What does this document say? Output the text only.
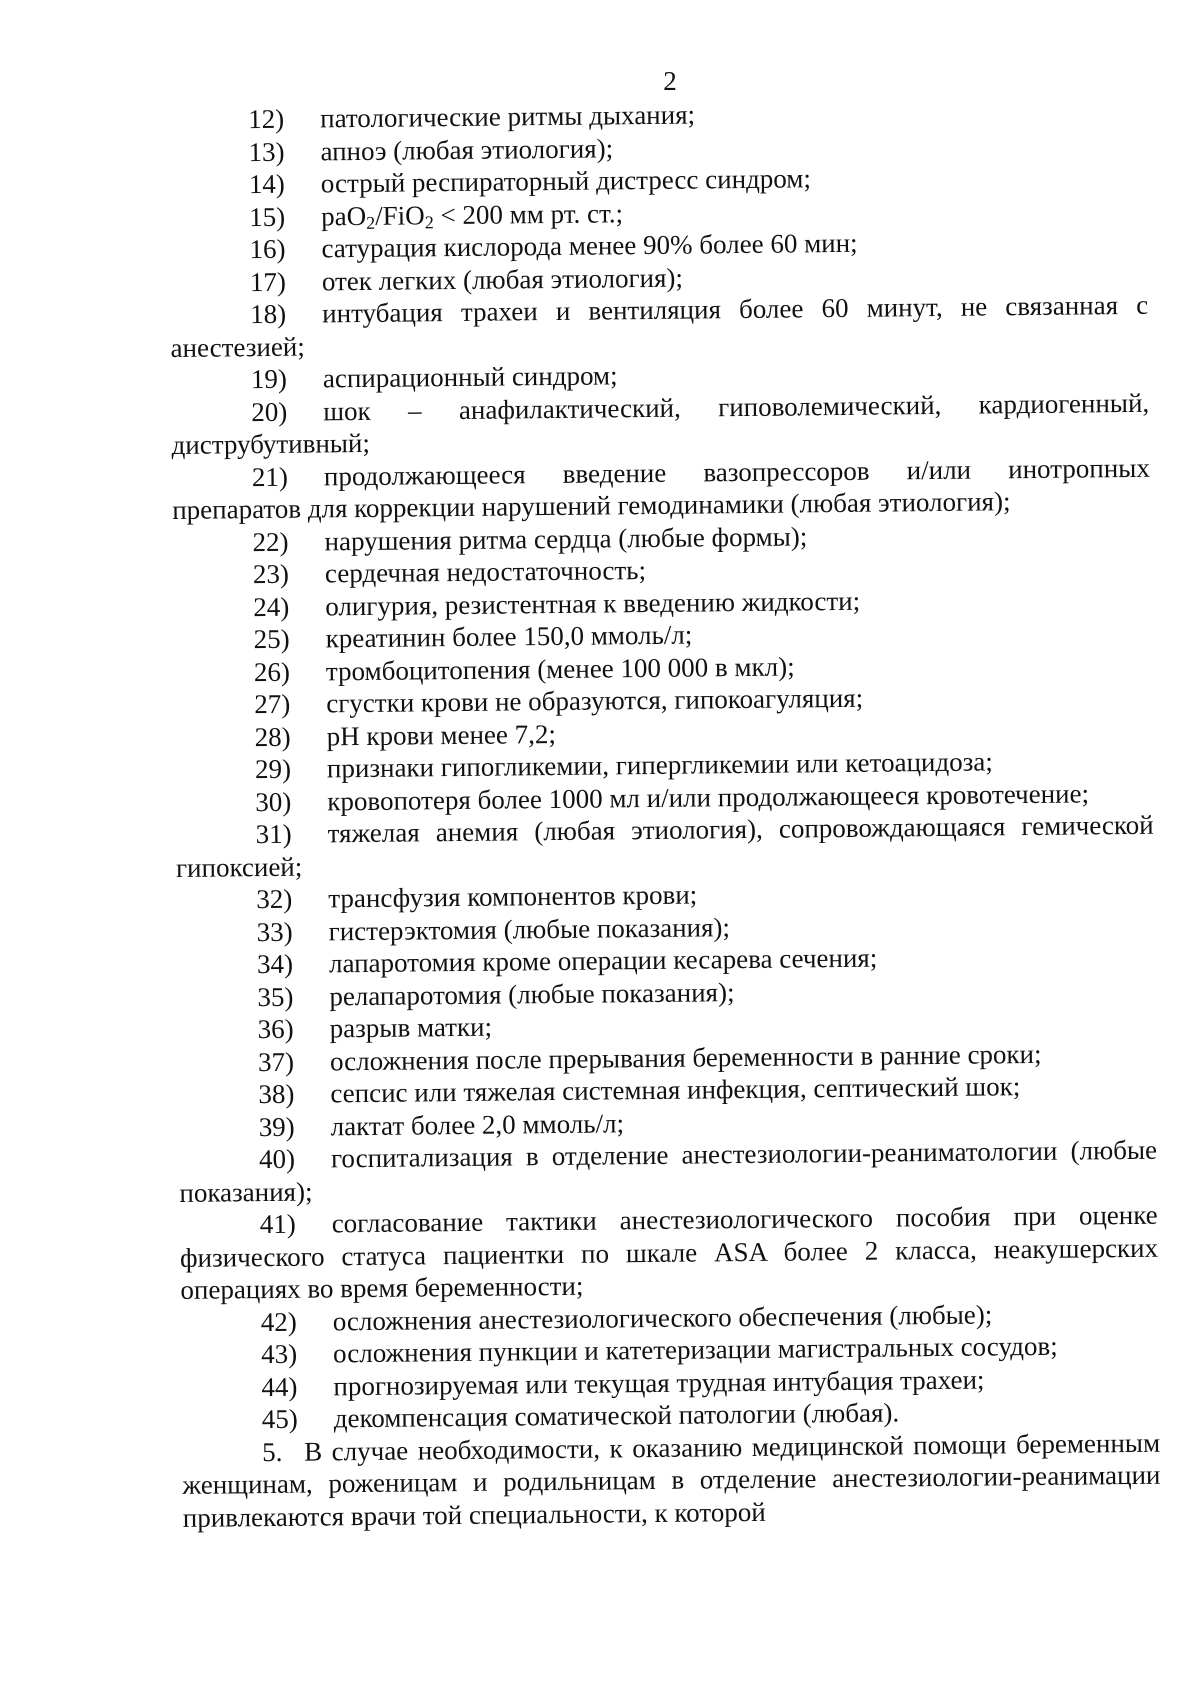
2

12) патологические ритмы дыхания;

13) апноэ (любая этиология);

14) острый респираторный дистресс синдром;

15) раО$_2$/FiO$_2$ < 200 мм рт. ст.;

16) сатурация кислорода менее 90% более 60 мин;

17) отек легких (любая этиология);

18) интубация трахеи и вентиляция более 60 минут, не связанная с анестезией;

19) аспирационный синдром;

20) шок – анафилактический, гиповолемический, кардиогенный, диструбутивный;

21) продолжающееся введение вазопрессоров и/или инотропных препаратов для коррекции нарушений гемодинамики (любая этиология);

22) нарушения ритма сердца (любые формы);

23) сердечная недостаточность;

24) олигурия, резистентная к введению жидкости;

25) креатинин более 150,0 ммоль/л;

26) тромбоцитопения (менее 100 000 в мкл);

27) сгустки крови не образуются, гипокоагуляция;

28) pH крови менее 7,2;

29) признаки гипогликемии, гипергликемии или кетоацидоза;

30) кровопотеря более 1000 мл и/или продолжающееся кровотечение;

31) тяжелая анемия (любая этиология), сопровождающаяся гемической гипоксией;

32) трансфузия компонентов крови;

33) гистерэктомия (любые показания);

34) лапаротомия кроме операции кесарева сечения;

35) релапаротомия (любые показания);

36) разрыв матки;

37) осложнения после прерывания беременности в ранние сроки;

38) сепсис или тяжелая системная инфекция, септический шок;

39) лактат более 2,0 ммоль/л;

40) госпитализация в отделение анестезиологии-реаниматологии (любые показания);

41) согласование тактики анестезиологического пособия при оценке физического статуса пациентки по шкале ASA более 2 класса, неакушерских операциях во время беременности;

42) осложнения анестезиологического обеспечения (любые);

43) осложнения пункции и катетеризации магистральных сосудов;

44) прогнозируемая или текущая трудная интубация трахеи;

45) декомпенсация соматической патологии (любая).

5. В случае необходимости, к оказанию медицинской помощи беременным женщинам, роженицам и родильницам в отделение анестезиологии-реанимации привлекаются врачи той специальности, к которой
